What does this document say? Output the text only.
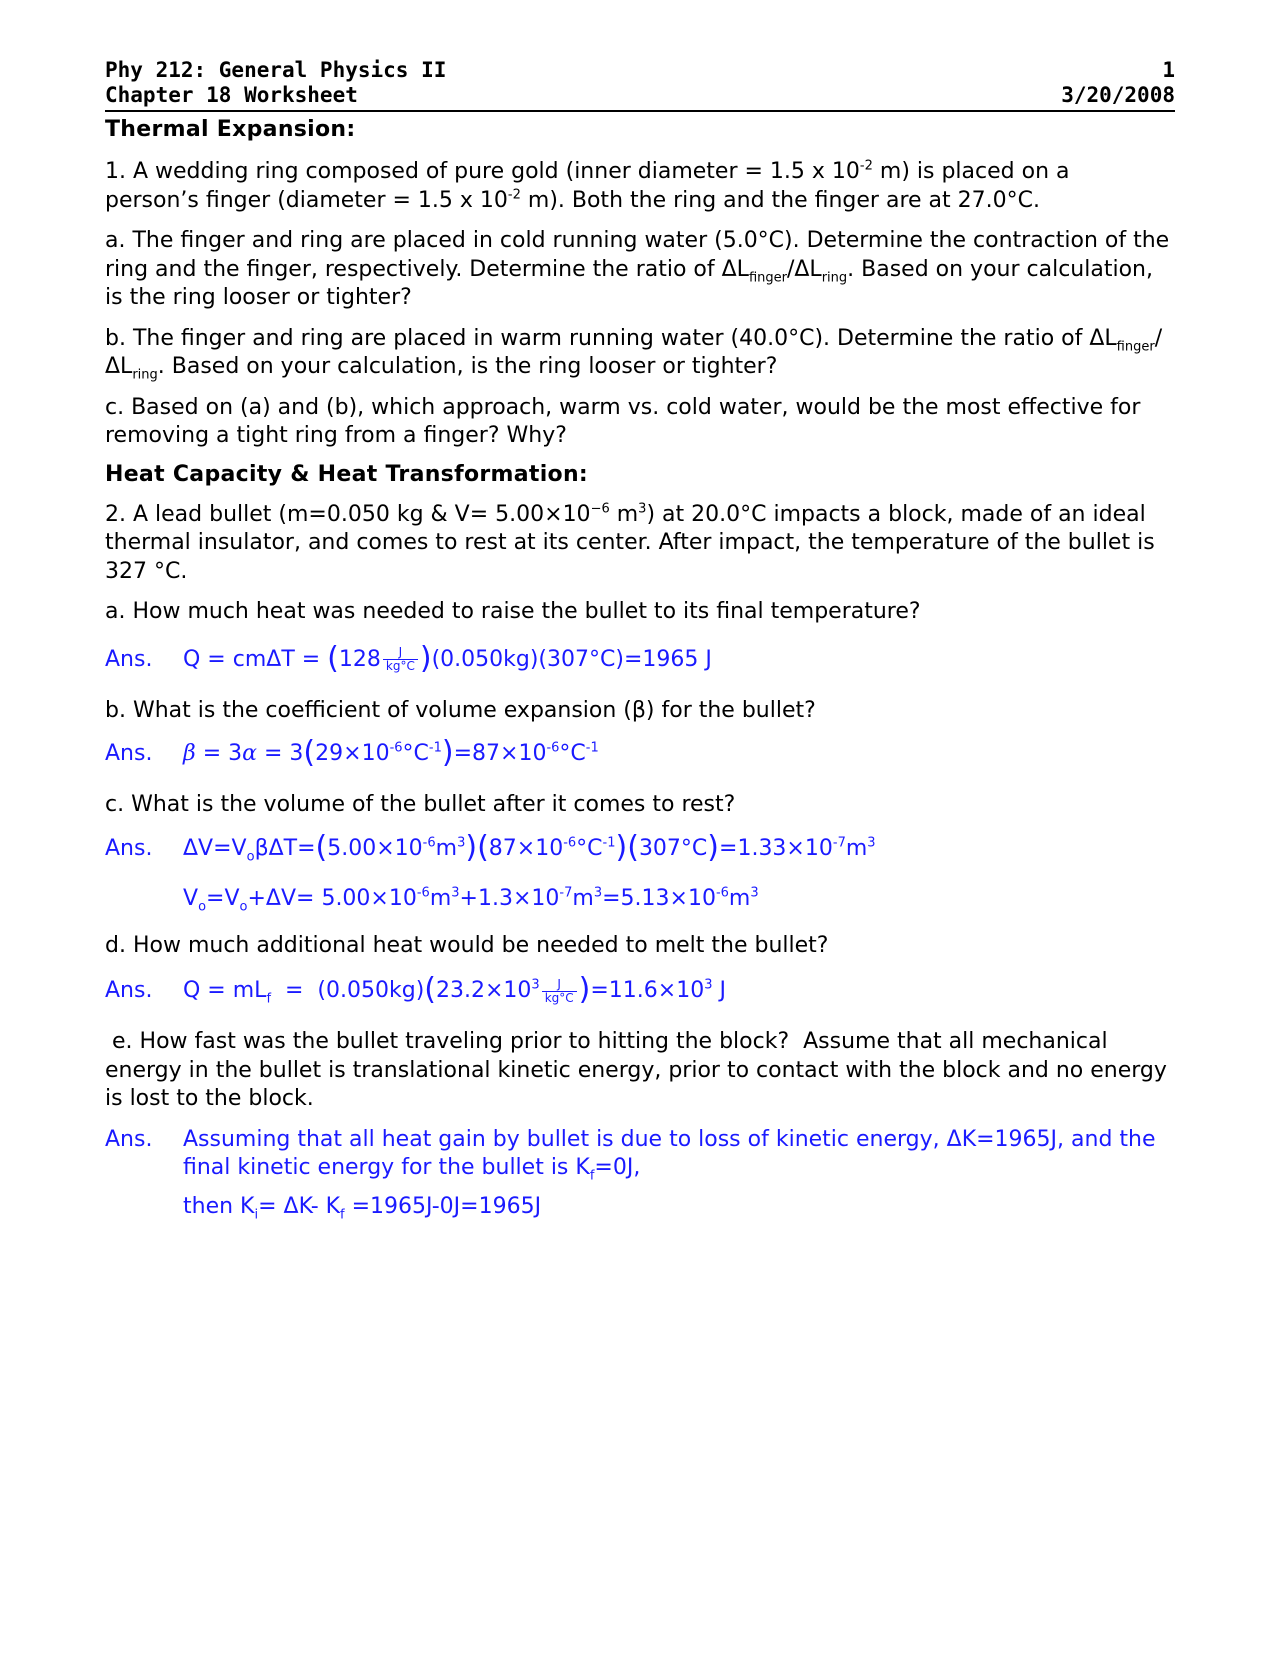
Phy 212: General Physics II	1
Chapter 18 Worksheet	3/20/2008
Thermal Expansion:

1. A wedding ring composed of pure gold (inner diameter = 1.5 x $10^{-2}$ m) is placed on a
person’s finger (diameter = 1.5 x $10^{-2}$ m). Both the ring and the finger are at 27.0°C.

a. The finger and ring are placed in cold running water (5.0°C). Determine the contraction of the ring and the finger, respectively. Determine the ratio of $\Delta L_{finger}/\Delta L_{ring}$. Based on your calculation, is the ring looser or tighter?

b. The finger and ring are placed in warm running water (40.0°C). Determine the ratio of $\Delta L_{finger}/\Delta L_{ring}$. Based on your calculation, is the ring looser or tighter?

c. Based on (a) and (b), which approach, warm vs. cold water, would be the most effective for removing a tight ring from a finger? Why?

Heat Capacity & Heat Transformation:

2. A lead bullet (m=0.050 kg & $V= 5.00\times 10^{-6}$ $m^3$) at 20.0°C impacts a block, made of an ideal thermal insulator, and comes to rest at its center. After impact, the temperature of the bullet is 327 °C.

a. How much heat was needed to raise the bullet to its final temperature?

Ans.	$Q = cm\Delta T = (128 \frac{J}{kg^\circ C} )(0.050kg)(307^\circ C)=1965$ J

b. What is the coefficient of volume expansion (β) for the bullet?

Ans.	$\beta = 3\alpha = 3(29\times 10^{-6}^\circ C^{-1})=87\times 10^{-6}^\circ C^{-1}$

c. What is the volume of the bullet after it comes to rest?

Ans.	$\Delta V=V_o\beta\Delta T=(5.00\times 10^{-6}m^3)(87\times 10^{-6}^\circ C^{-1})(307^\circ C)=1.33\times 10^{-7}m^3$
$V_o=V_o+\Delta V= 5.00\times 10^{-6}m^3+1.3\times 10^{-7}m^3=5.13\times 10^{-6}m^3$

d. How much additional heat would be needed to melt the bullet?

Ans.	$Q = mL_f = (0.050kg)(23.2\times 10^3 \frac{J}{kg^\circ C} )=11.6\times 10^3$ J

e. How fast was the bullet traveling prior to hitting the block?  Assume that all mechanical energy in the bullet is translational kinetic energy, prior to contact with the block and no energy is lost to the block.

Ans.	Assuming that all heat gain by bullet is due to loss of kinetic energy, ΔK=1965J, and the final kinetic energy for the bullet is $K_f=0J$,
then $K_i= \Delta K-$ $K_f =1965J-0J=1965J$
